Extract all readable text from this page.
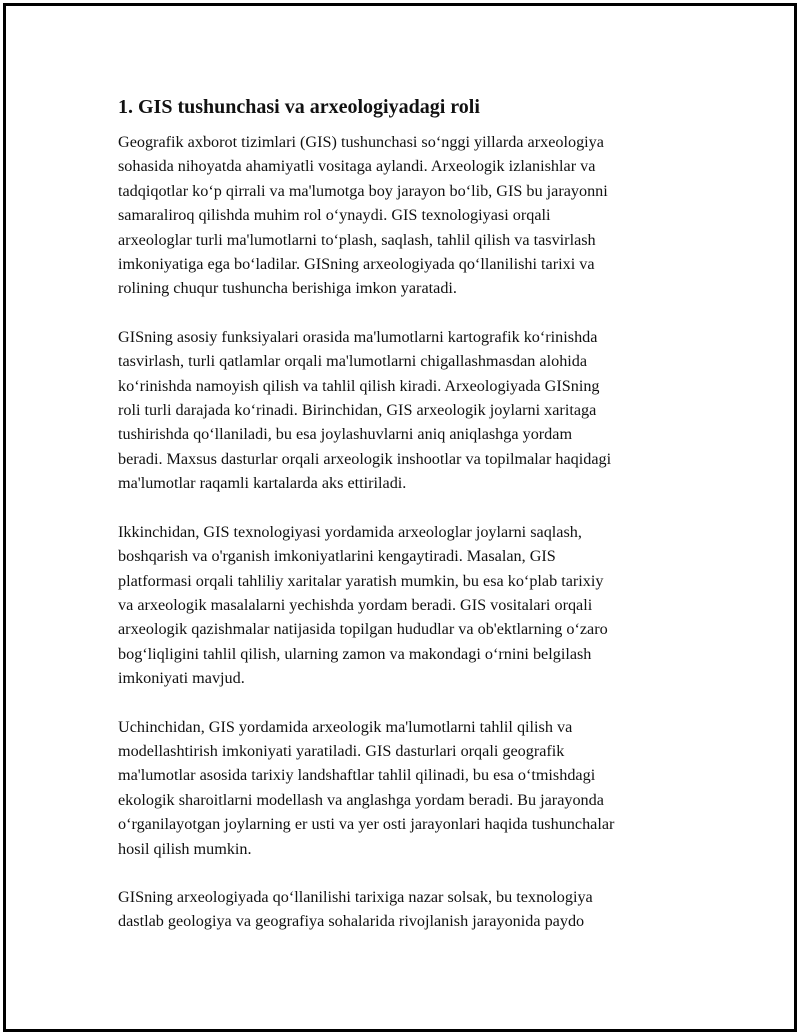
1. GIS tushunchasi va arxeologiyadagi roli

Geografik axborot tizimlari (GIS) tushunchasi so‘nggi yillarda arxeologiya
sohasida nihoyatda ahamiyatli vositaga aylandi. Arxeologik izlanishlar va
tadqiqotlar ko‘p qirrali va ma'lumotga boy jarayon bo‘lib, GIS bu jarayonni
samaraliroq qilishda muhim rol o‘ynaydi. GIS texnologiyasi orqali
arxeologlar turli ma'lumotlarni to‘plash, saqlash, tahlil qilish va tasvirlash
imkoniyatiga ega bo‘ladilar. GISning arxeologiyada qo‘llanilishi tarixi va
rolining chuqur tushuncha berishiga imkon yaratadi.

GISning asosiy funksiyalari orasida ma'lumotlarni kartografik ko‘rinishda
tasvirlash, turli qatlamlar orqali ma'lumotlarni chigallashmasdan alohida
ko‘rinishda namoyish qilish va tahlil qilish kiradi. Arxeologiyada GISning
roli turli darajada ko‘rinadi. Birinchidan, GIS arxeologik joylarni xaritaga
tushirishda qo‘llaniladi, bu esa joylashuvlarni aniq aniqlashga yordam
beradi. Maxsus dasturlar orqali arxeologik inshootlar va topilmalar haqidagi
ma'lumotlar raqamli kartalarda aks ettiriladi.

Ikkinchidan, GIS texnologiyasi yordamida arxeologlar joylarni saqlash,
boshqarish va o'rganish imkoniyatlarini kengaytiradi. Masalan, GIS
platformasi orqali tahliliy xaritalar yaratish mumkin, bu esa ko‘plab tarixiy
va arxeologik masalalarni yechishda yordam beradi. GIS vositalari orqali
arxeologik qazishmalar natijasida topilgan hududlar va ob'ektlarning o‘zaro
bog‘liqligini tahlil qilish, ularning zamon va makondagi o‘rnini belgilash
imkoniyati mavjud.

Uchinchidan, GIS yordamida arxeologik ma'lumotlarni tahlil qilish va
modellashtirish imkoniyati yaratiladi. GIS dasturlari orqali geografik
ma'lumotlar asosida tarixiy landshaftlar tahlil qilinadi, bu esa o‘tmishdagi
ekologik sharoitlarni modellash va anglashga yordam beradi. Bu jarayonda
o‘rganilayotgan joylarning er usti va yer osti jarayonlari haqida tushunchalar
hosil qilish mumkin.

GISning arxeologiyada qo‘llanilishi tarixiga nazar solsak, bu texnologiya
dastlab geologiya va geografiya sohalarida rivojlanish jarayonida paydo
